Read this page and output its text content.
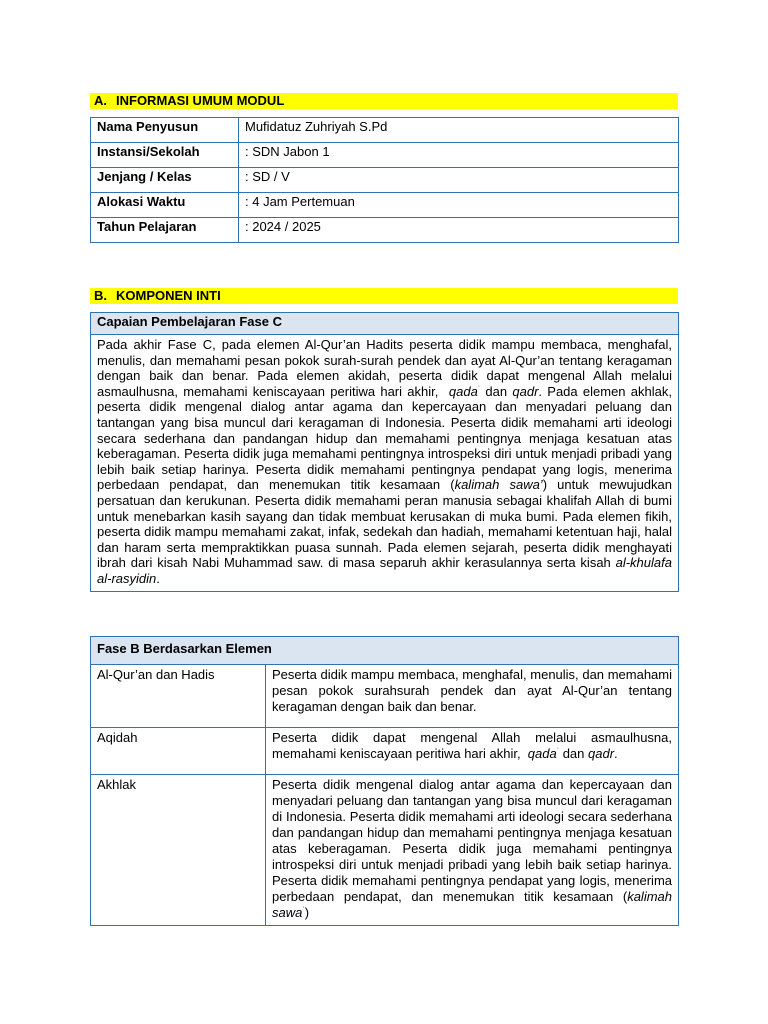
A. INFORMASI UMUM MODUL
Nama Penyusun	Mufidatuz Zuhriyah S.Pd
Instansi/Sekolah	: SDN Jabon 1
Jenjang / Kelas	: SD / V
Alokasi Waktu	: 4 Jam Pertemuan
Tahun Pelajaran	: 2024 / 2025
B. KOMPONEN INTI
Capaian Pembelajaran Fase C
Pada akhir Fase C, pada elemen Al-Qur’an Hadits peserta didik mampu membaca, menghafal, menulis, dan memahami pesan pokok surah-surah pendek dan ayat Al-Qur’an tentang keragaman dengan baik dan benar. Pada elemen akidah, peserta didik dapat mengenal Allah melalui asmaulhusna, memahami keniscayaan peritiwa hari akhir, qada$^ʾ$ dan qadr. Pada elemen akhlak, peserta didik mengenal dialog antar agama dan kepercayaan dan menyadari peluang dan tantangan yang bisa muncul dari keragaman di Indonesia. Peserta didik memahami arti ideologi secara sederhana dan pandangan hidup dan memahami pentingnya menjaga kesatuan atas keberagaman. Peserta didik juga memahami pentingnya introspeksi diri untuk menjadi pribadi yang lebih baik setiap harinya. Peserta didik memahami pentingnya pendapat yang logis, menerima perbedaan pendapat, dan menemukan titik kesamaan (kalimah sawa’) untuk mewujudkan persatuan dan kerukunan. Peserta didik memahami peran manusia sebagai khalifah Allah di bumi untuk menebarkan kasih sayang dan tidak membuat kerusakan di muka bumi. Pada elemen fikih, peserta didik mampu memahami zakat, infak, sedekah dan hadiah, memahami ketentuan haji, halal dan haram serta mempraktikkan puasa sunnah. Pada elemen sejarah, peserta didik menghayati ibrah dari kisah Nabi Muhammad saw. di masa separuh akhir kerasulannya serta kisah al-khulafa al-rasyidin.
Fase B Berdasarkan Elemen	
Al-Qur’an dan Hadis	Peserta didik mampu membaca, menghafal, menulis, dan memahami pesan pokok surahsurah pendek dan ayat Al-Qur’an tentang keragaman dengan baik dan benar.
Aqidah	Peserta didik dapat mengenal Allah melalui asmaulhusna, memahami keniscayaan peritiwa hari akhir, qada$^ʾ$ dan qadr.
Akhlak	Peserta didik mengenal dialog antar agama dan kepercayaan dan menyadari peluang dan tantangan yang bisa muncul dari keragaman di Indonesia. Peserta didik memahami arti ideologi secara sederhana dan pandangan hidup dan memahami pentingnya menjaga kesatuan atas keberagaman. Peserta didik juga memahami pentingnya introspeksi diri untuk menjadi pribadi yang lebih baik setiap harinya. Peserta didik memahami pentingnya pendapat yang logis, menerima perbedaan pendapat, dan menemukan titik kesamaan (kalimah sawa$^ʾ$)
